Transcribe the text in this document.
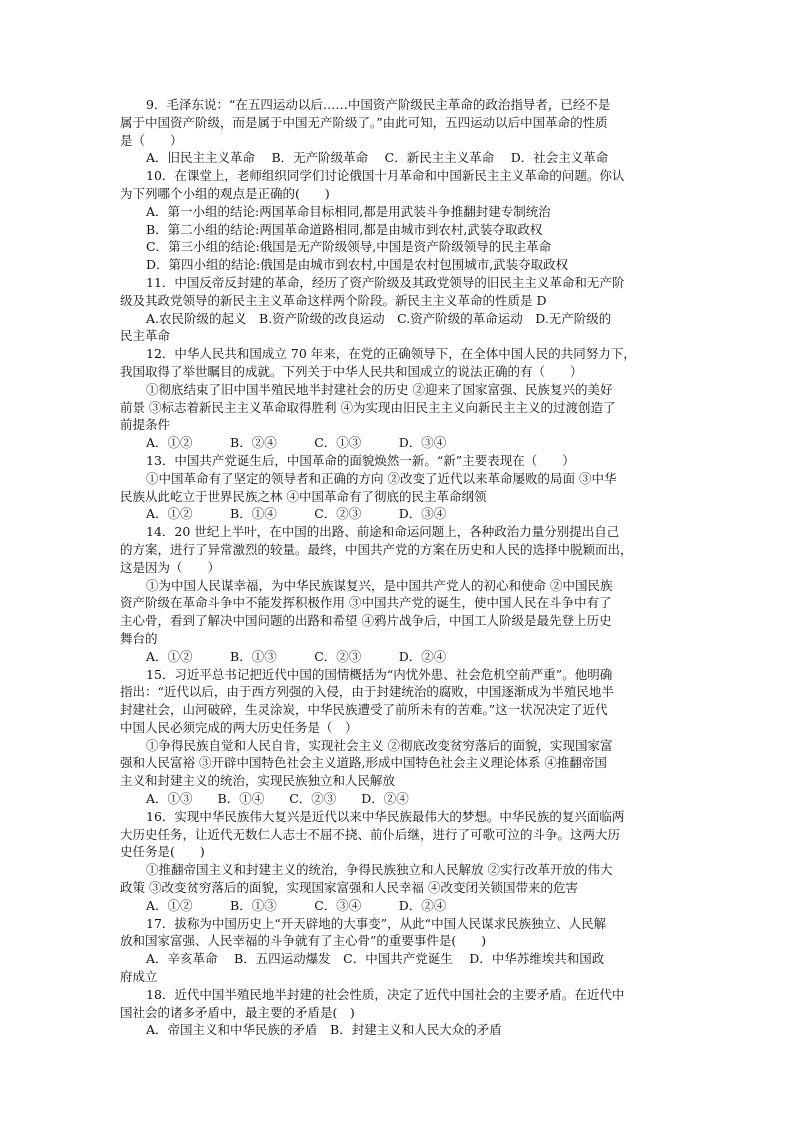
9．毛泽东说：“在五四运动以后……中国资产阶级民主革命的政治指导者，已经不是
属于中国资产阶级，而是属于中国无产阶级了。”由此可知，五四运动以后中国革命的性质
是（　　）
A．旧民主主义革命　 B．无产阶级革命　 C．新民主主义革命　 D．社会主义革命
10．在课堂上，老师组织同学们讨论俄国十月革命和中国新民主主义革命的问题。你认
为下列哪个小组的观点是正确的(　　)
A．第一小组的结论:两国革命目标相同,都是用武装斗争推翻封建专制统治
B．第二小组的结论:两国革命道路相同,都是由城市到农村,武装夺取政权
C．第三小组的结论:俄国是无产阶级领导,中国是资产阶级领导的民主革命
D．第四小组的结论:俄国是由城市到农村,中国是农村包围城市,武装夺取政权
11．中国反帝反封建的革命，经历了资产阶级及其政党领导的旧民主主义革命和无产阶
级及其政党领导的新民主主义革命这样两个阶段。新民主主义革命的性质是 D
A.农民阶级的起义　B.资产阶级的改良运动　C.资产阶级的革命运动　D.无产阶级的
民主革命
12．中华人民共和国成立 70 年来，在党的正确领导下，在全体中国人民的共同努力下，
我国取得了举世瞩目的成就。下列关于中华人民共和国成立的说法正确的有（　　）
①彻底结束了旧中国半殖民地半封建社会的历史 ②迎来了国家富强、民族复兴的美好
前景 ③标志着新民主主义革命取得胜利 ④为实现由旧民主主义向新民主主义的过渡创造了
前提条件
A．①②　　　B．②④　　　C．①③　　　D．③④
13．中国共产党诞生后，中国革命的面貌焕然一新。“新”主要表现在（　　）
①中国革命有了坚定的领导者和正确的方向 ②改变了近代以来革命屡败的局面 ③中华
民族从此屹立于世界民族之林 ④中国革命有了彻底的民主革命纲领
A．①②　　　B．①④　　　C．②③　　　D．③④
14．20 世纪上半叶，在中国的出路、前途和命运问题上，各种政治力量分别提出自己
的方案，进行了异常激烈的较量。最终，中国共产党的方案在历史和人民的选择中脱颖而出，
这是因为（　　）
①为中国人民谋幸福，为中华民族谋复兴，是中国共产党人的初心和使命 ②中国民族
资产阶级在革命斗争中不能发挥积极作用 ③中国共产党的诞生，使中国人民在斗争中有了
主心骨，看到了解决中国问题的出路和希望 ④鸦片战争后，中国工人阶级是最先登上历史
舞台的
A．①②　　　B．①③　　　C．②③　　　D．②④
15．习近平总书记把近代中国的国情概括为“内忧外患、社会危机空前严重”。他明确
指出：“近代以后，由于西方列强的入侵，由于封建统治的腐败，中国逐渐成为半殖民地半
封建社会，山河破碎，生灵涂炭，中华民族遭受了前所未有的苦难。”这一状况决定了近代
中国人民必须完成的两大历史任务是（　）
①争得民族自觉和人民自肯，实现社会主义 ②彻底改变贫穷落后的面貌，实现国家富
强和人民富裕 ③开辟中国特色社会主义道路,形成中国特色社会主义理论体系 ④推翻帝国
主义和封建主义的统治，实现民族独立和人民解放
A．①③　　B．①④　　C．②③　　D．②④
16．实现中华民族伟大复兴是近代以来中华民族最伟大的梦想。中华民族的复兴面临两
大历史任务，让近代无数仁人志士不屈不挠、前仆后继，进行了可歌可泣的斗争。这两大历
史任务是(　　)
①推翻帝国主义和封建主义的统治，争得民族独立和人民解放 ②实行改革开放的伟大
政策 ③改变贫穷落后的面貌，实现国家富强和人民幸福 ④改变闭关锁国带来的危害
A．①②　　　B．①③　　　C．③④　　　D．②④
17．拔称为中国历史上“开天辟地的大事变”，从此“中国人民谋求民族独立、人民解
放和国家富强、人民幸福的斗争就有了主心骨”的重要事件是(　　)
A．辛亥革命　 B．五四运动爆发　C．中国共产党诞生　 D．中华苏维埃共和国政
府成立
18．近代中国半殖民地半封建的社会性质，决定了近代中国社会的主要矛盾。在近代中
国社会的诸多矛盾中，最主要的矛盾是(　)
A．帝国主义和中华民族的矛盾　B．封建主义和人民大众的矛盾
